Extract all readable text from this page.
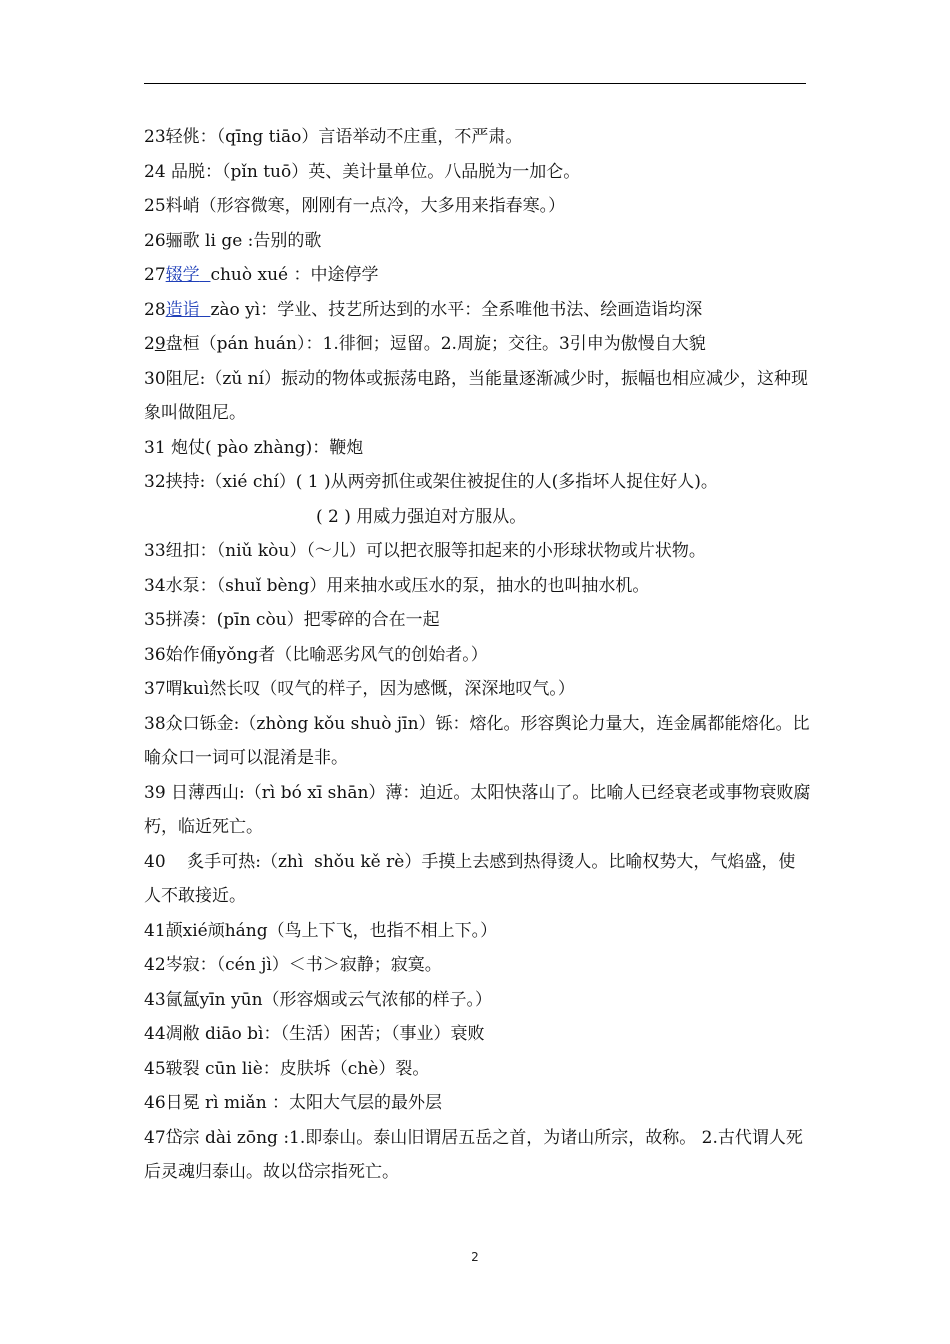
23轻佻：（qīng tiāo）言语举动不庄重，不严肃。
24 品脱：（pǐn tuō）英、美计量单位。八品脱为一加仑。
25料峭（形容微寒，刚刚有一点冷，大多用来指春寒。）
26骊歌 li ge :告别的歌
27辍学 chuò xué ：中途停学
28造诣 zào yì：学业、技艺所达到的水平：全系唯他书法、绘画造诣均深
29盘桓（pán huán）：1.徘徊；逗留。2.周旋；交往。3引申为傲慢自大貌
30阻尼:（zǔ ní）振动的物体或振荡电路，当能量逐渐减少时，振幅也相应减少，这种现象叫做阻尼。
31 炮仗( pào zhàng)：鞭炮
32挟持:（xié chí）( 1 )从两旁抓住或架住被捉住的人(多指坏人捉住好人)。
( 2 ) 用威力强迫对方服从。
33纽扣：（niǔ kòu）（～儿）可以把衣服等扣起来的小形球状物或片状物。
34水泵：（shuǐ bèng）用来抽水或压水的泵，抽水的也叫抽水机。
35拼凑：(pīn còu）把零碎的合在一起
36始作俑yǒng者（比喻恶劣风气的创始者。）
37喟kuì然长叹（叹气的样子，因为感慨，深深地叹气。）
38众口铄金:（zhòng kǒu shuò jīn）铄：熔化。形容舆论力量大，连金属都能熔化。比喻众口一词可以混淆是非。
39 日薄西山:（rì bó xī shān）薄：迫近。太阳快落山了。比喻人已经衰老或事物衰败腐朽，临近死亡。
40    炙手可热:（zhì  shǒu kě rè）手摸上去感到热得烫人。比喻权势大，气焰盛，使人不敢接近。
41颉xié颃háng（鸟上下飞，也指不相上下。）
42岑寂：（cén jì）＜书＞寂静；寂寞。
43氤氲yīn yūn（形容烟或云气浓郁的样子。）
44凋敝 diāo bì：（生活）困苦；（事业）衰败
45皲裂 cūn liè：皮肤坼（chè）裂。
46日冕 rì miǎn ：太阳大气层的最外层
47岱宗 dài zōng :1.即泰山。泰山旧谓居五岳之首，为诸山所宗，故称。 2.古代谓人死后灵魂归泰山。故以岱宗指死亡。
2
